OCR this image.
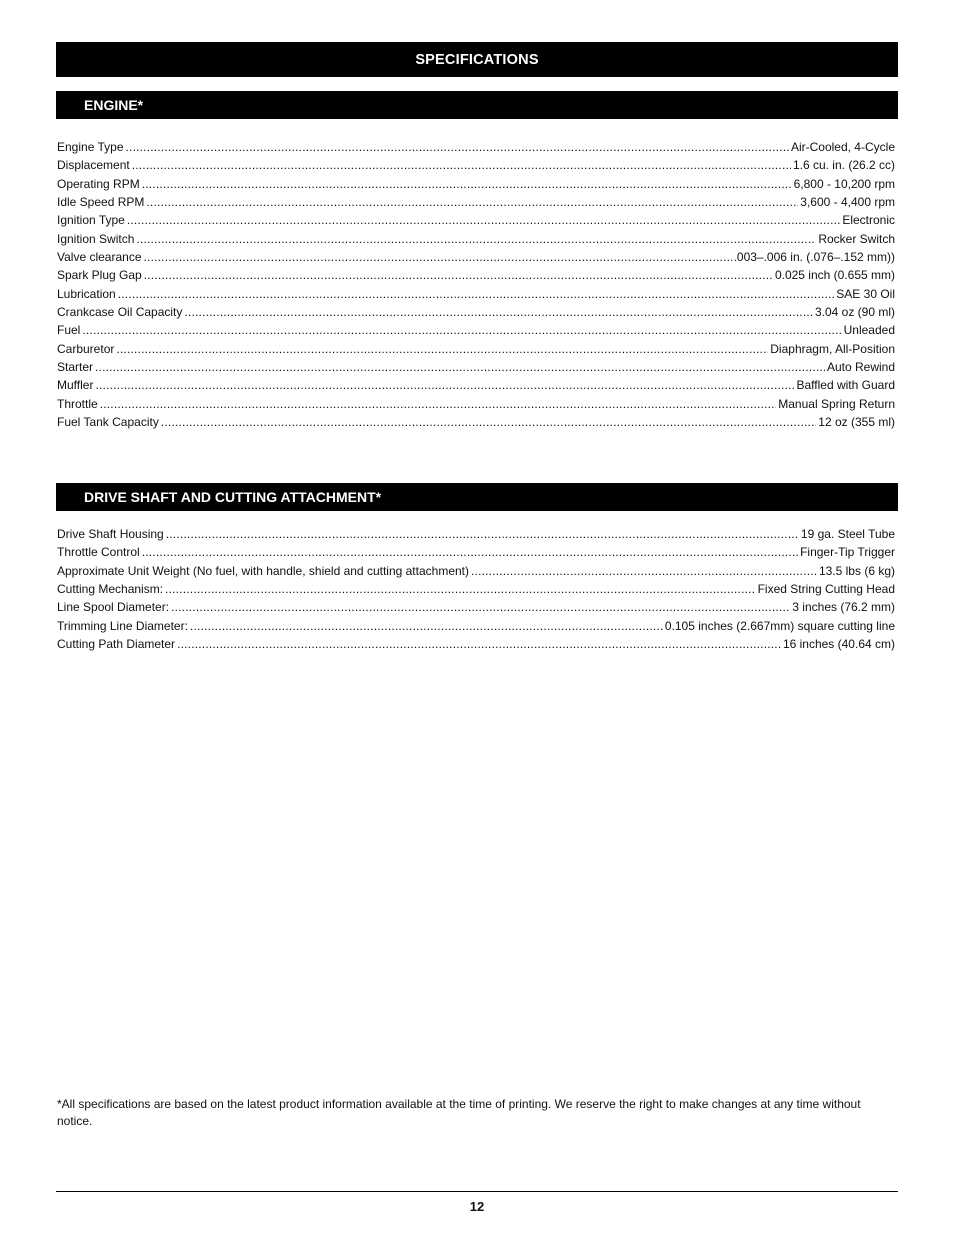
SPECIFICATIONS
ENGINE*
Engine Type .....	Air-Cooled, 4-Cycle
Displacement .....	1.6 cu. in. (26.2 cc)
Operating RPM .....	6,800 - 10,200 rpm
Idle Speed RPM .....	3,600 - 4,400 rpm
Ignition Type .....	Electronic
Ignition Switch .....	Rocker Switch
Valve clearance .....	.003–.006 in. (.076–.152 mm))
Spark Plug Gap .....	0.025 inch (0.655 mm)
Lubrication .....	SAE 30 Oil
Crankcase Oil Capacity .....	3.04 oz (90 ml)
Fuel .....	Unleaded
Carburetor .....	Diaphragm, All-Position
Starter .....	Auto Rewind
Muffler .....	Baffled with Guard
Throttle .....	Manual Spring Return
Fuel Tank Capacity .....	12 oz (355 ml)
DRIVE SHAFT AND CUTTING ATTACHMENT*
Drive Shaft Housing .....	19 ga. Steel Tube
Throttle Control .....	Finger-Tip Trigger
Approximate Unit Weight (No fuel, with handle, shield and cutting attachment) .....	13.5 lbs (6 kg)
Cutting Mechanism: .....	Fixed String Cutting Head
Line Spool Diameter: .....	3 inches (76.2 mm)
Trimming Line Diameter: .....	0.105 inches (2.667mm) square cutting line
Cutting Path Diameter .....	16 inches (40.64 cm)
*All specifications are based on the latest product information available at the time of printing. We reserve the right to make changes at any time without notice.
12
